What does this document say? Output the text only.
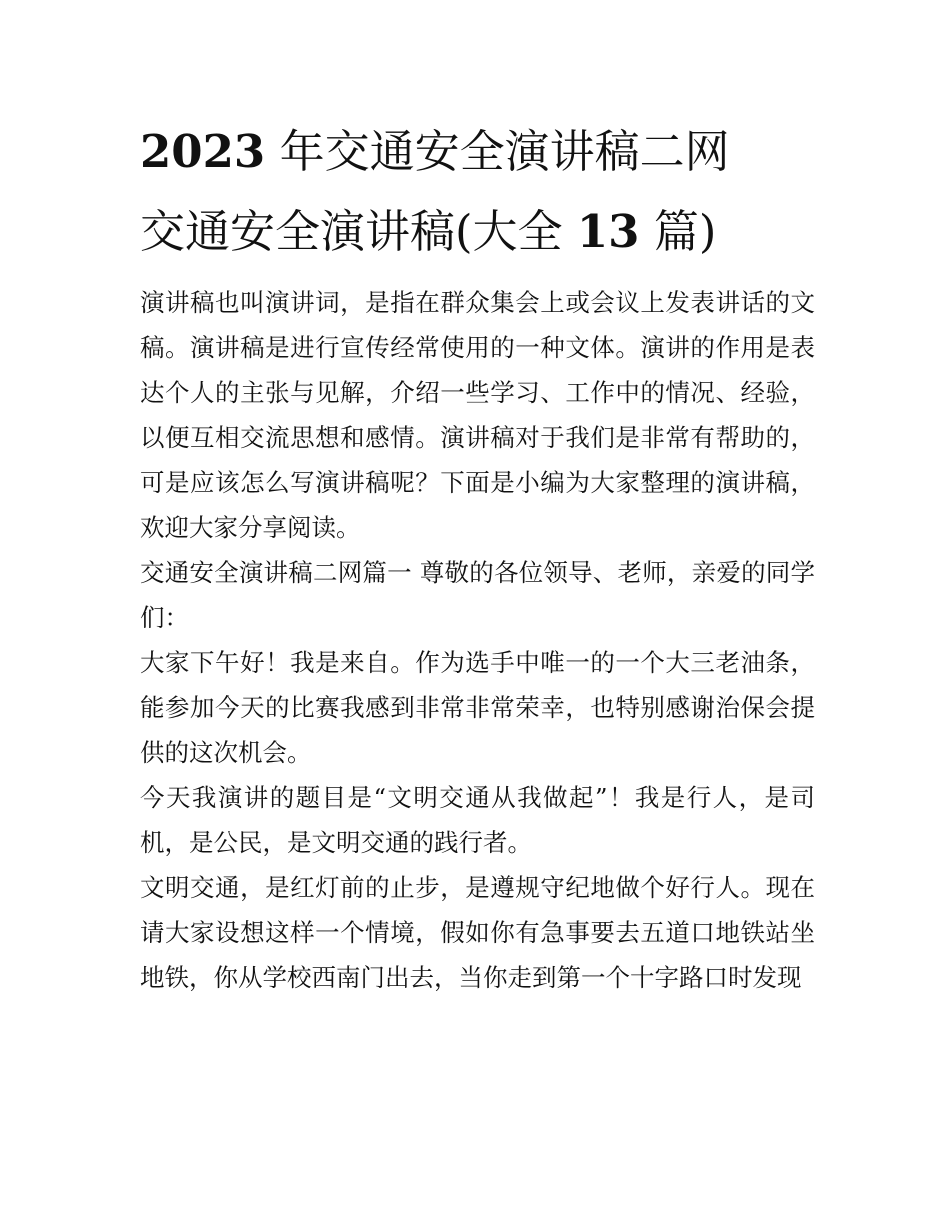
2023 年交通安全演讲稿二网
交通安全演讲稿(大全 13 篇)

演讲稿也叫演讲词，是指在群众集会上或会议上发表讲话的文稿。演讲稿是进行宣传经常使用的一种文体。演讲的作用是表达个人的主张与见解，介绍一些学习、工作中的情况、经验，以便互相交流思想和感情。演讲稿对于我们是非常有帮助的，可是应该怎么写演讲稿呢？下面是小编为大家整理的演讲稿，欢迎大家分享阅读。

交通安全演讲稿二网篇一 尊敬的各位领导、老师，亲爱的同学们：

大家下午好！我是来自。作为选手中唯一的一个大三老油条，能参加今天的比赛我感到非常非常荣幸，也特别感谢治保会提供的这次机会。

今天我演讲的题目是“文明交通从我做起”！我是行人，是司机，是公民，是文明交通的践行者。

文明交通，是红灯前的止步，是遵规守纪地做个好行人。现在请大家设想这样一个情境，假如你有急事要去五道口地铁站坐地铁，你从学校西南门出去，当你走到第一个十字路口时发现
